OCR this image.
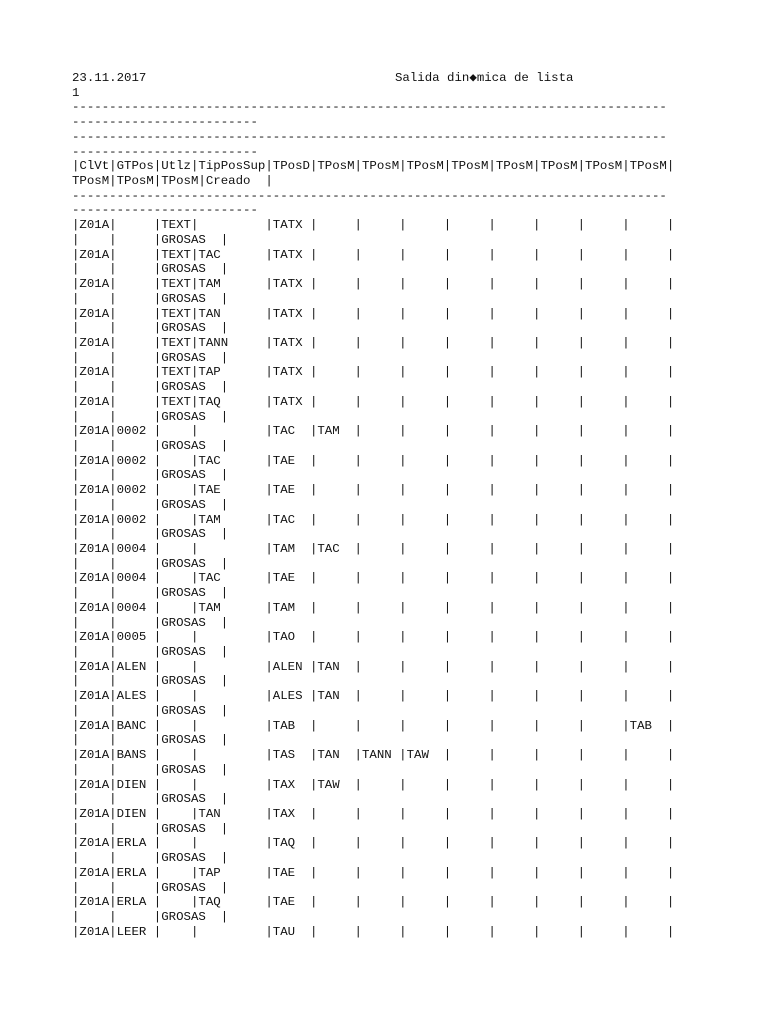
23.11.2017	Salida din◆mica de lista
1
--------------------------------------------------------------------------------
-------------------------
--------------------------------------------------------------------------------
-------------------------
|ClVt|GTPos|Utlz|TipPosSup|TPosD|TPosM|TPosM|TPosM|TPosM|TPosM|TPosM|TPosM|TPosM|
TPosM|TPosM|TPosM|Creado  |
--------------------------------------------------------------------------------
-------------------------
|Z01A|     |TEXT|         |TATX |     |     |     |     |     |     |     |     |
|    |     |GROSAS  |
|Z01A|     |TEXT|TAC      |TATX |     |     |     |     |     |     |     |     |
|    |     |GROSAS  |
|Z01A|     |TEXT|TAM      |TATX |     |     |     |     |     |     |     |     |
|    |     |GROSAS  |
|Z01A|     |TEXT|TAN      |TATX |     |     |     |     |     |     |     |     |
|    |     |GROSAS  |
|Z01A|     |TEXT|TANN     |TATX |     |     |     |     |     |     |     |     |
|    |     |GROSAS  |
|Z01A|     |TEXT|TAP      |TATX |     |     |     |     |     |     |     |     |
|    |     |GROSAS  |
|Z01A|     |TEXT|TAQ      |TATX |     |     |     |     |     |     |     |     |
|    |     |GROSAS  |
|Z01A|0002 |    |         |TAC  |TAM  |     |     |     |     |     |     |     |
|    |     |GROSAS  |
|Z01A|0002 |    |TAC      |TAE  |     |     |     |     |     |     |     |     |
|    |     |GROSAS  |
|Z01A|0002 |    |TAE      |TAE  |     |     |     |     |     |     |     |     |
|    |     |GROSAS  |
|Z01A|0002 |    |TAM      |TAC  |     |     |     |     |     |     |     |     |
|    |     |GROSAS  |
|Z01A|0004 |    |         |TAM  |TAC  |     |     |     |     |     |     |     |
|    |     |GROSAS  |
|Z01A|0004 |    |TAC      |TAE  |     |     |     |     |     |     |     |     |
|    |     |GROSAS  |
|Z01A|0004 |    |TAM      |TAM  |     |     |     |     |     |     |     |     |
|    |     |GROSAS  |
|Z01A|0005 |    |         |TAO  |     |     |     |     |     |     |     |     |
|    |     |GROSAS  |
|Z01A|ALEN |    |         |ALEN |TAN  |     |     |     |     |     |     |     |
|    |     |GROSAS  |
|Z01A|ALES |    |         |ALES |TAN  |     |     |     |     |     |     |     |
|    |     |GROSAS  |
|Z01A|BANC |    |         |TAB  |     |     |     |     |     |     |     |TAB  |
|    |     |GROSAS  |
|Z01A|BANS |    |         |TAS  |TAN  |TANN |TAW  |     |     |     |     |     |
|    |     |GROSAS  |
|Z01A|DIEN |    |         |TAX  |TAW  |     |     |     |     |     |     |     |
|    |     |GROSAS  |
|Z01A|DIEN |    |TAN      |TAX  |     |     |     |     |     |     |     |     |
|    |     |GROSAS  |
|Z01A|ERLA |    |         |TAQ  |     |     |     |     |     |     |     |     |
|    |     |GROSAS  |
|Z01A|ERLA |    |TAP      |TAE  |     |     |     |     |     |     |     |     |
|    |     |GROSAS  |
|Z01A|ERLA |    |TAQ      |TAE  |     |     |     |     |     |     |     |     |
|    |     |GROSAS  |
|Z01A|LEER |    |         |TAU  |     |     |     |     |     |     |     |     |
